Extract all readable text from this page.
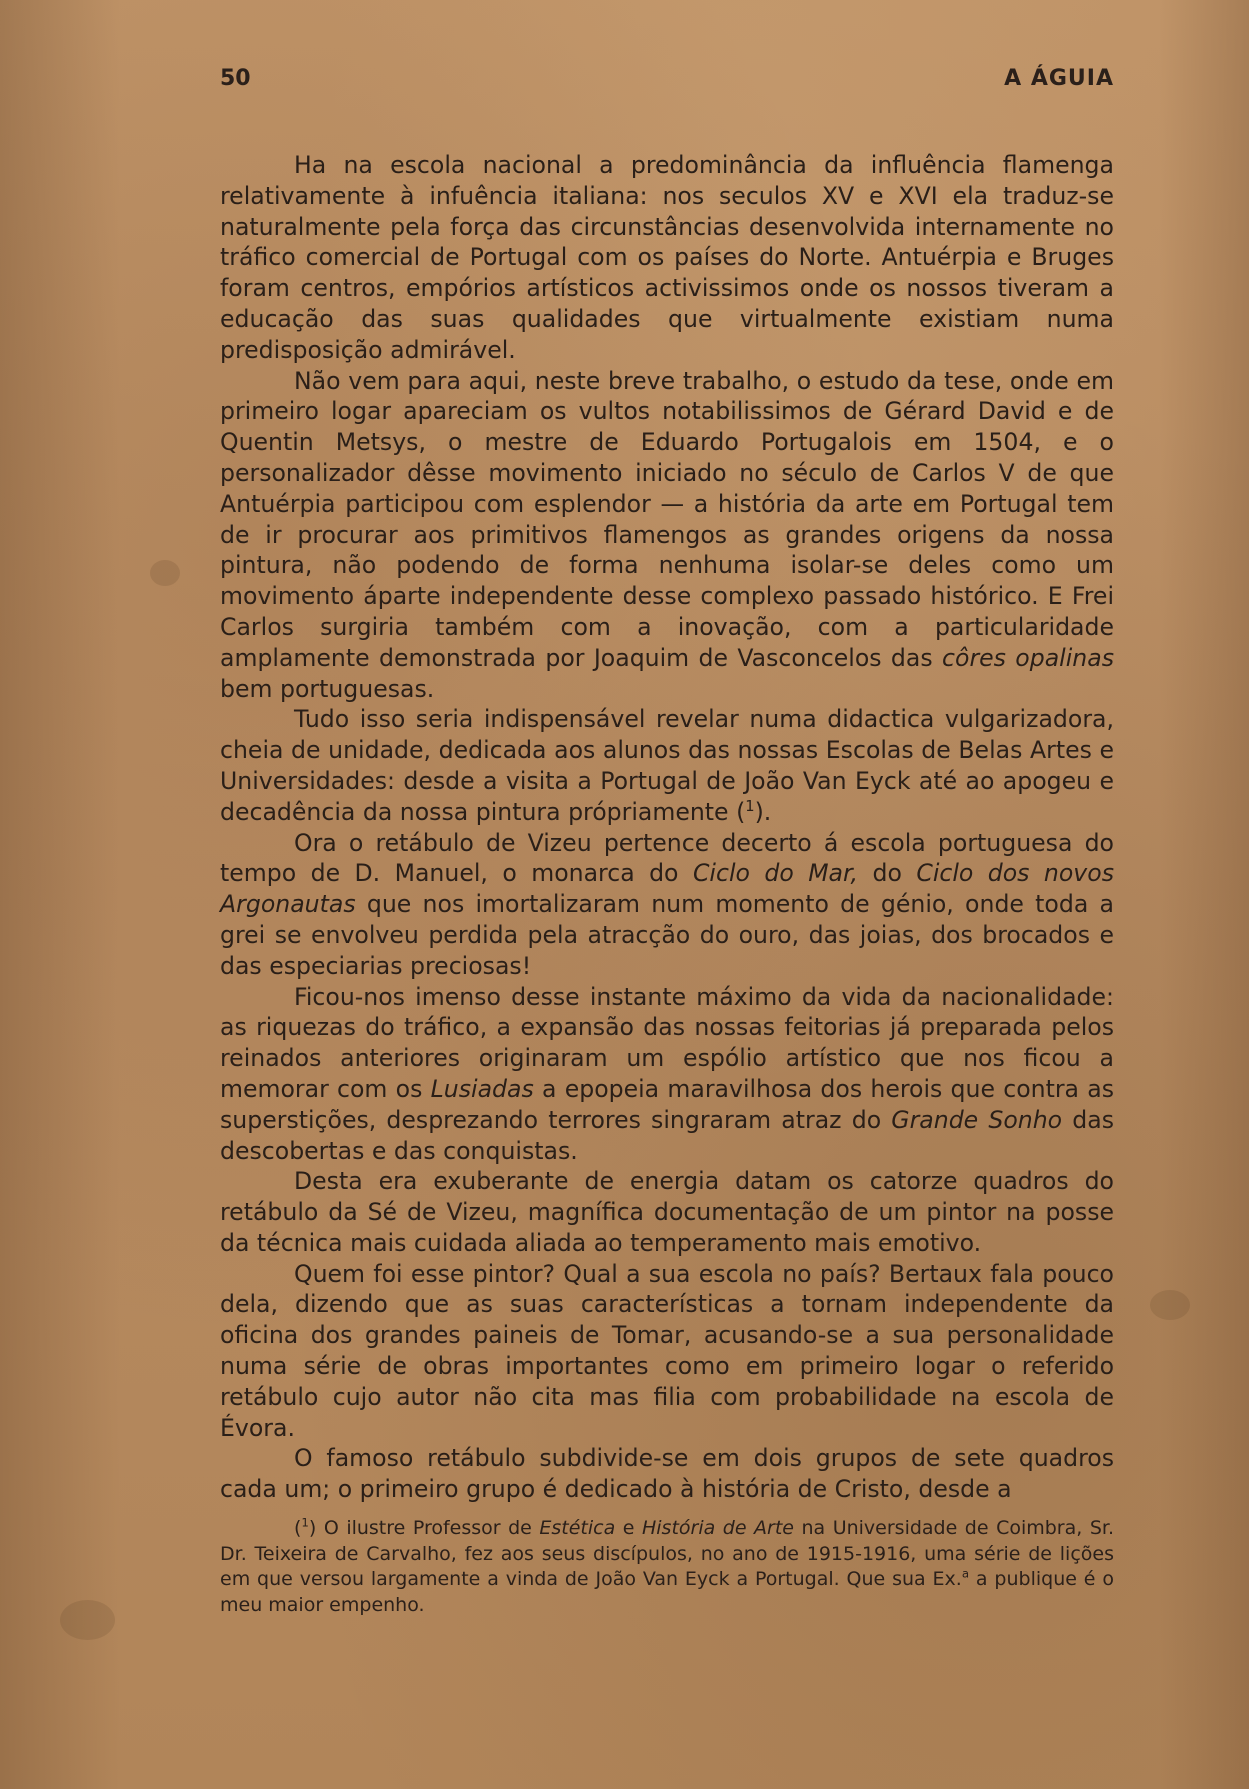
50	A ÁGUIA

Ha na escola nacional a predominância da influência flamenga relativamente à infuência italiana: nos seculos XV e XVI ela traduz-se naturalmente pela força das circunstâncias desenvolvida internamente no tráfico comercial de Portugal com os países do Norte. Antuérpia e Bruges foram centros, empórios artísticos activissimos onde os nossos tiveram a educação das suas qualidades que virtualmente existiam numa predisposição admirável.

Não vem para aqui, neste breve trabalho, o estudo da tese, onde em primeiro logar apareciam os vultos notabilissimos de Gérard David e de Quentin Metsys, o mestre de Eduardo Portugalois em 1504, e o personalizador dêsse movimento iniciado no século de Carlos V de que Antuérpia participou com esplendor — a história da arte em Portugal tem de ir procurar aos primitivos flamengos as grandes origens da nossa pintura, não podendo de forma nenhuma isolar-se deles como um movimento áparte independente desse complexo passado histórico. E Frei Carlos surgiria também com a inovação, com a particularidade amplamente demonstrada por Joaquim de Vasconcelos das côres opalinas bem portuguesas.

Tudo isso seria indispensável revelar numa didactica vulgarizadora, cheia de unidade, dedicada aos alunos das nossas Escolas de Belas Artes e Universidades: desde a visita a Portugal de João Van Eyck até ao apogeu e decadência da nossa pintura própriamente ($^1$).

Ora o retábulo de Vizeu pertence decerto á escola portuguesa do tempo de D. Manuel, o monarca do Ciclo do Mar, do Ciclo dos novos Argonautas que nos imortalizaram num momento de génio, onde toda a grei se envolveu perdida pela atracção do ouro, das joias, dos brocados e das especiarias preciosas!

Ficou-nos imenso desse instante máximo da vida da nacionalidade: as riquezas do tráfico, a expansão das nossas feitorias já preparada pelos reinados anteriores originaram um espólio artístico que nos ficou a memorar com os Lusiadas a epopeia maravilhosa dos herois que contra as superstições, desprezando terrores singraram atraz do Grande Sonho das descobertas e das conquistas.

Desta era exuberante de energia datam os catorze quadros do retábulo da Sé de Vizeu, magnífica documentação de um pintor na posse da técnica mais cuidada aliada ao temperamento mais emotivo.

Quem foi esse pintor? Qual a sua escola no país? Bertaux fala pouco dela, dizendo que as suas características a tornam independente da oficina dos grandes paineis de Tomar, acusando-se a sua personalidade numa série de obras importantes como em primeiro logar o referido retábulo cujo autor não cita mas filia com probabilidade na escola de Évora.

O famoso retábulo subdivide-se em dois grupos de sete quadros cada um; o primeiro grupo é dedicado à história de Cristo, desde a

($^1$) O ilustre Professor de Estética e História de Arte na Universidade de Coimbra, Sr. Dr. Teixeira de Carvalho, fez aos seus discípulos, no ano de 1915-1916, uma série de lições em que versou largamente a vinda de João Van Eyck a Portugal. Que sua Ex.$^a$ a publique é o meu maior empenho.
